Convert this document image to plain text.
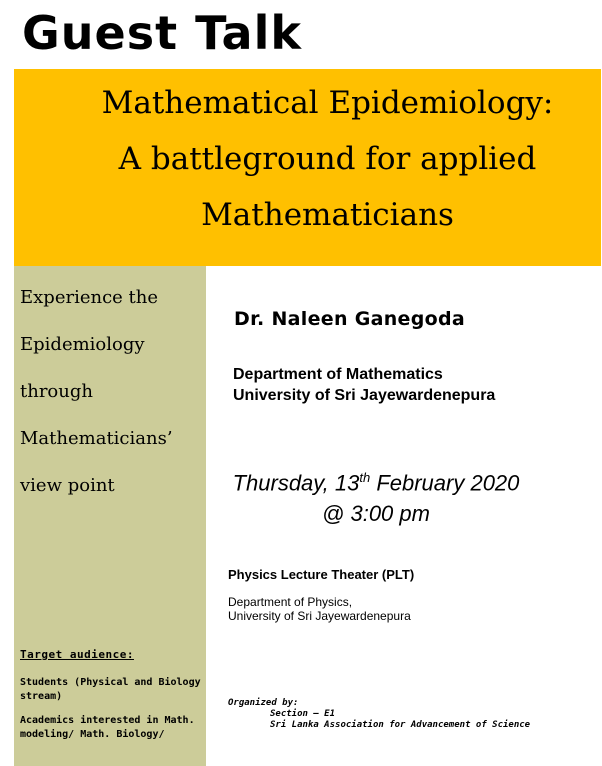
Guest Talk
Mathematical Epidemiology:
A battleground for applied
Mathematicians

Experience the
Epidemiology
through
Mathematicians’
view point

Target audience:
Students (Physical and Biology stream)
Academics interested in Math. modeling/ Math. Biology/
Dr. Naleen Ganegoda
Department of Mathematics
University of Sri Jayewardenepura
Thursday, 13th February 2020
@ 3:00 pm
Physics Lecture Theater (PLT)
Department of Physics,
University of Sri Jayewardenepura
Organized by:
Section – E1
Sri Lanka Association for Advancement of Science
